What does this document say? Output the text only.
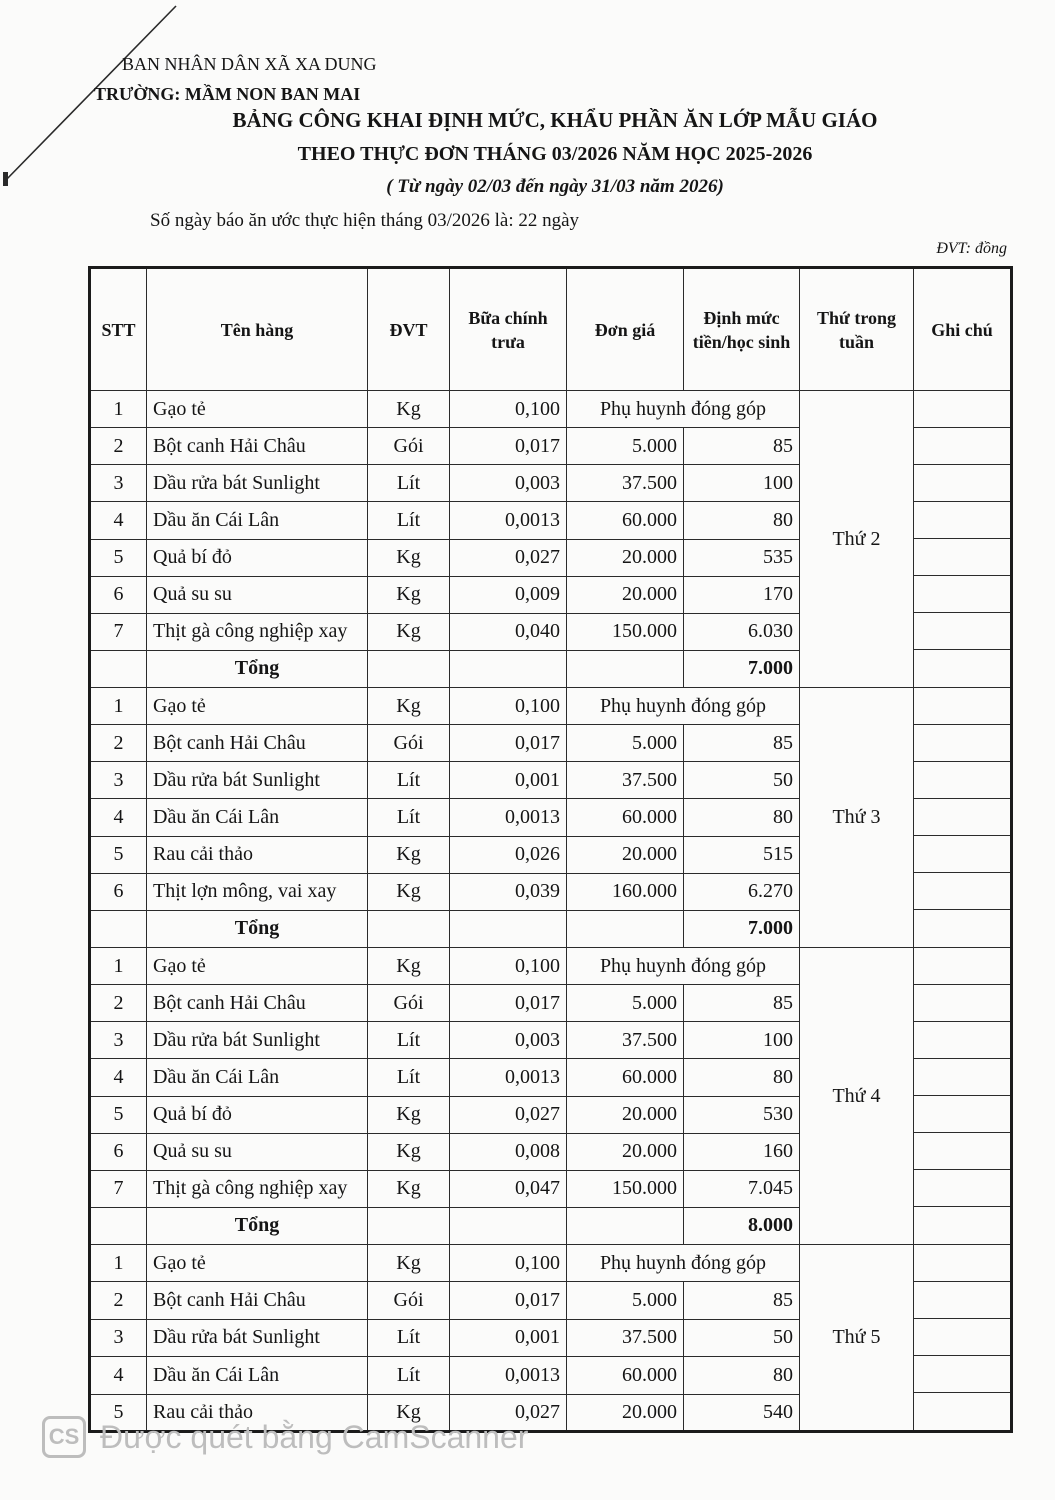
BAN NHÂN DÂN XÃ XA DUNG
TRƯỜNG: MẦM NON BAN MAI
BẢNG CÔNG KHAI ĐỊNH MỨC, KHẨU PHẦN ĂN LỚP MẪU GIÁO
THEO THỰC ĐƠN THÁNG 03/2026 NĂM HỌC 2025-2026
( Từ ngày 02/03 đến ngày 31/03 năm 2026)
Số ngày báo ăn ước thực hiện tháng 03/2026 là: 22 ngày
ĐVT: đồng
STT	Tên hàng	ĐVT	Bữa chính trưa	Đơn giá	Định mức tiền/học sinh	Thứ trong tuần	Ghi chú
1	Gạo tẻ	Kg	0,100	Phụ huynh đóng góp		Thứ 2	

2	Bột canh Hải Châu	Gói	0,017	5.000	85		
3	Dầu rửa bát Sunlight	Lít	0,003	37.500	100		
4	Dầu ăn Cái Lân	Lít	0,0013	60.000	80		
5	Quả bí đỏ	Kg	0,027	20.000	535		
6	Quả su su	Kg	0,009	20.000	170		
7	Thịt gà công nghiệp xay	Kg	0,040	150.000	6.030		
	Tổng				7.000		
1	Gạo tẻ	Kg	0,100	Phụ huynh đóng góp		Thứ 3	

2	Bột canh Hải Châu	Gói	0,017	5.000	85		
3	Dầu rửa bát Sunlight	Lít	0,001	37.500	50		
4	Dầu ăn Cái Lân	Lít	0,0013	60.000	80		
5	Rau cải thảo	Kg	0,026	20.000	515		
6	Thịt lợn mông, vai xay	Kg	0,039	160.000	6.270		
	Tổng				7.000		
1	Gạo tẻ	Kg	0,100	Phụ huynh đóng góp		Thứ 4	

2	Bột canh Hải Châu	Gói	0,017	5.000	85		
3	Dầu rửa bát Sunlight	Lít	0,003	37.500	100		
4	Dầu ăn Cái Lân	Lít	0,0013	60.000	80		
5	Quả bí đỏ	Kg	0,027	20.000	530		
6	Quả su su	Kg	0,008	20.000	160		
7	Thịt gà công nghiệp xay	Kg	0,047	150.000	7.045		
	Tổng				8.000		
1	Gạo tẻ	Kg	0,100	Phụ huynh đóng góp		Thứ 5	

2	Bột canh Hải Châu	Gói	0,017	5.000	85		
3	Dầu rửa bát Sunlight	Lít	0,001	37.500	50		
4	Dầu ăn Cái Lân	Lít	0,0013	60.000	80		
5	Rau cải thảo	Kg	0,027	20.000	540		
CS Được quét bằng CamScanner
